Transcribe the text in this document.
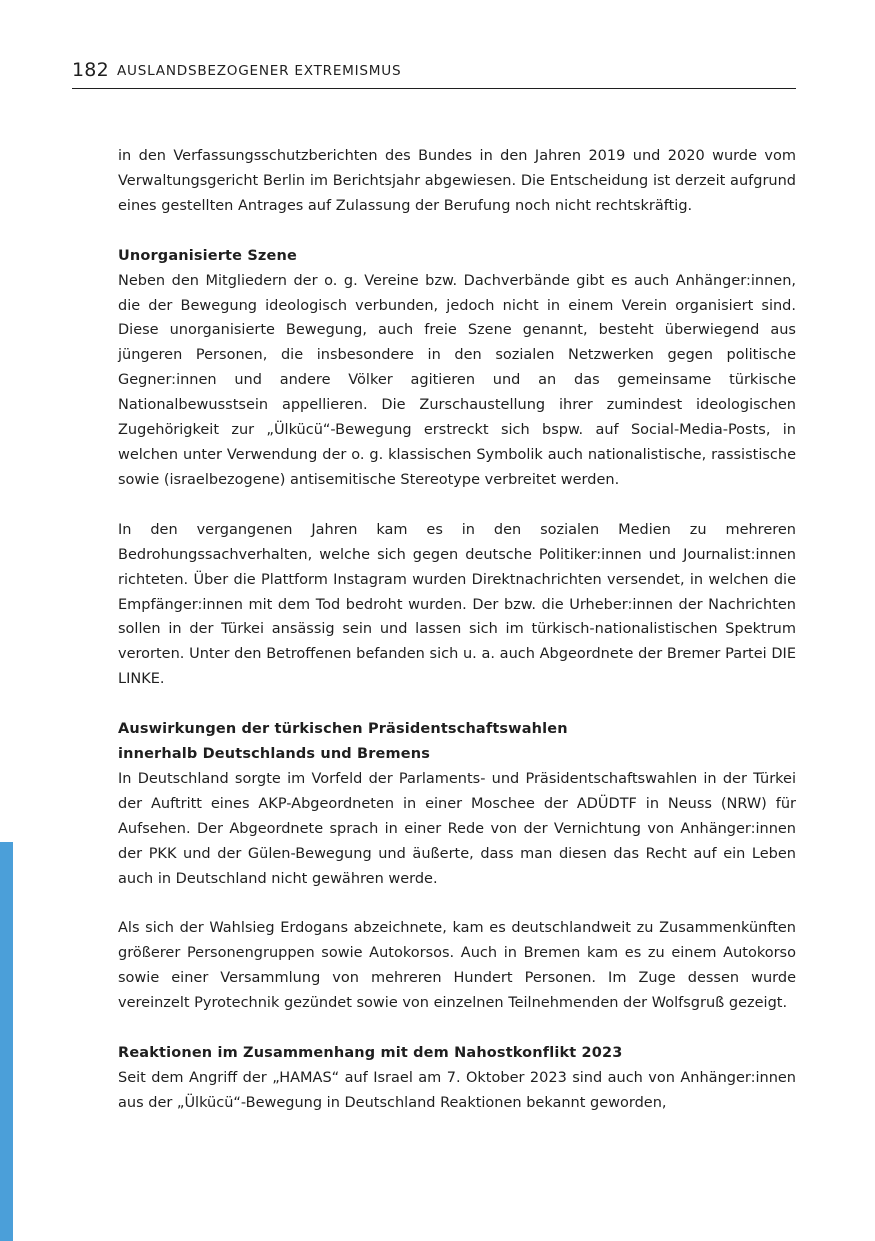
182 AUSLANDSBEZOGENER EXTREMISMUS

in den Verfassungsschutzberichten des Bundes in den Jahren 2019 und 2020 wurde vom Verwaltungsgericht Berlin im Berichtsjahr abgewiesen. Die Entscheidung ist derzeit aufgrund eines gestellten Antrages auf Zulassung der Berufung noch nicht rechtskräftig.

Unorganisierte Szene

Neben den Mitgliedern der o. g. Vereine bzw. Dachverbände gibt es auch Anhänger:innen, die der Bewegung ideologisch verbunden, jedoch nicht in einem Verein organisiert sind. Diese unorganisierte Bewegung, auch freie Szene genannt, besteht überwiegend aus jüngeren Personen, die insbesondere in den sozialen Netzwerken gegen politische Gegner:innen und andere Völker agitieren und an das gemeinsame türkische Nationalbewusstsein appellieren. Die Zurschaustellung ihrer zumindest ideologischen Zugehörigkeit zur „Ülkücü“-Bewegung erstreckt sich bspw. auf Social-Media-Posts, in welchen unter Verwendung der o. g. klassischen Symbolik auch nationalistische, rassistische sowie (israelbezogene) antisemitische Stereotype verbreitet werden.

In den vergangenen Jahren kam es in den sozialen Medien zu mehreren Bedrohungssachverhalten, welche sich gegen deutsche Politiker:innen und Journalist:innen richteten. Über die Plattform Instagram wurden Direktnachrichten versendet, in welchen die Empfänger:innen mit dem Tod bedroht wurden. Der bzw. die Urheber:innen der Nachrichten sollen in der Türkei ansässig sein und lassen sich im türkisch-nationalistischen Spektrum verorten. Unter den Betroffenen befanden sich u. a. auch Abgeordnete der Bremer Partei DIE LINKE.

Auswirkungen der türkischen Präsidentschaftswahlen
innerhalb Deutschlands und Bremens

In Deutschland sorgte im Vorfeld der Parlaments- und Präsidentschaftswahlen in der Türkei der Auftritt eines AKP-Abgeordneten in einer Moschee der ADÜDTF in Neuss (NRW) für Aufsehen. Der Abgeordnete sprach in einer Rede von der Vernichtung von Anhänger:innen der PKK und der Gülen-Bewegung und äußerte, dass man diesen das Recht auf ein Leben auch in Deutschland nicht gewähren werde.

Als sich der Wahlsieg Erdogans abzeichnete, kam es deutschlandweit zu Zusammenkünften größerer Personengruppen sowie Autokorsos. Auch in Bremen kam es zu einem Autokorso sowie einer Versammlung von mehreren Hundert Personen. Im Zuge dessen wurde vereinzelt Pyrotechnik gezündet sowie von einzelnen Teilnehmenden der Wolfsgruß gezeigt.

Reaktionen im Zusammenhang mit dem Nahostkonflikt 2023

Seit dem Angriff der „HAMAS“ auf Israel am 7. Oktober 2023 sind auch von Anhänger:innen aus der „Ülkücü“-Bewegung in Deutschland Reaktionen bekannt geworden,
